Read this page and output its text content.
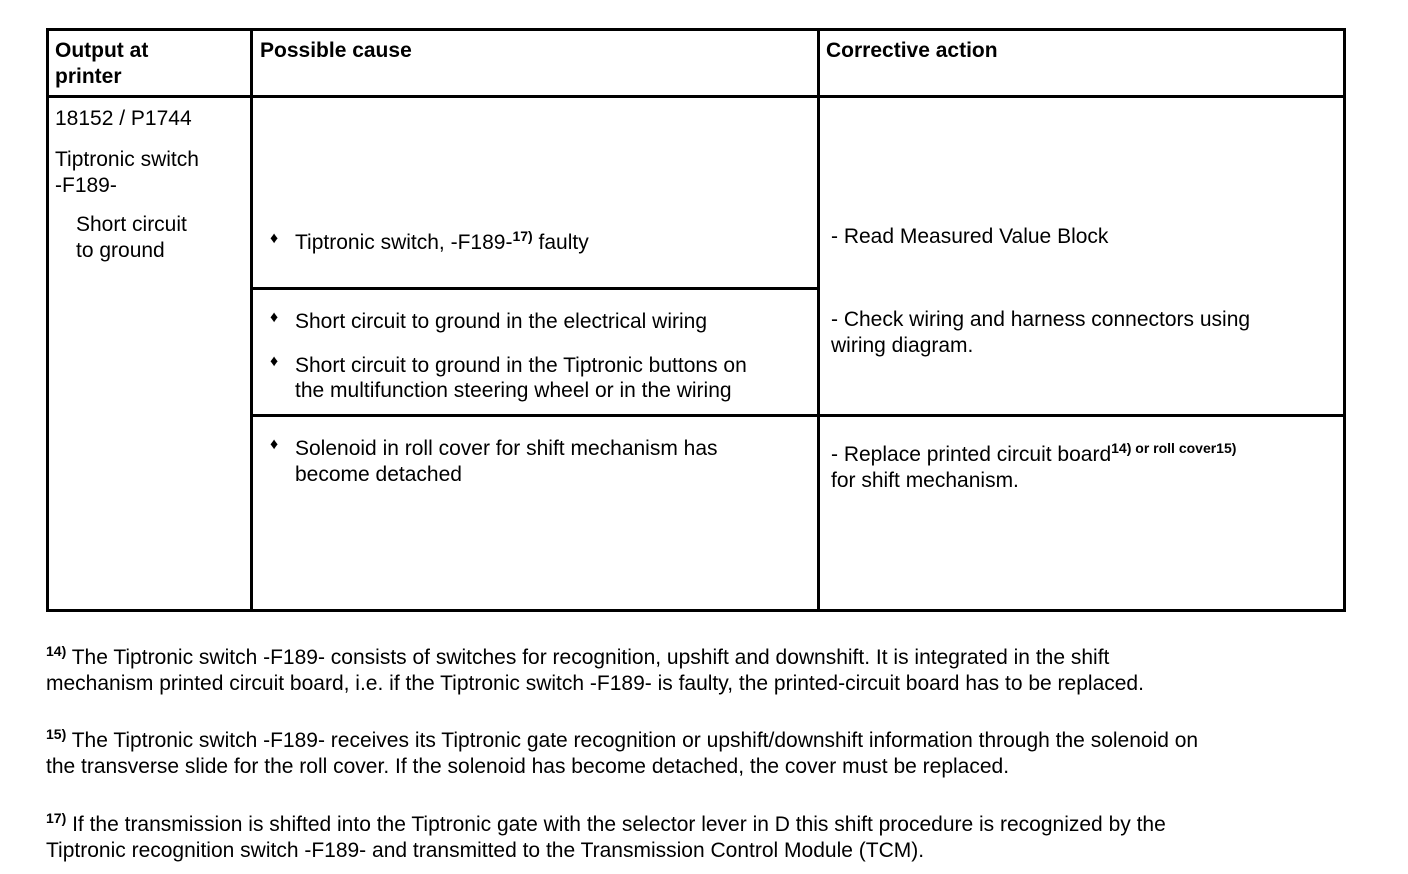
Output at
printer
Possible cause	Corrective action
18152 / P1744
Tiptronic switch
-F189-
Short circuit
to ground
♦ Tiptronic switch, -F189-$^{17)}$ faulty	- Read Measured Value Block
♦ Short circuit to ground in the electrical wiring
♦ Short circuit to ground in the Tiptronic buttons on
the multifunction steering wheel or in the wiring
- Check wiring and harness connectors using
wiring diagram.
♦ Solenoid in roll cover for shift mechanism has
become detached
- Replace printed circuit board$^{14) or roll cover15)}$
for shift mechanism.
$^{14)}$ The Tiptronic switch -F189- consists of switches for recognition, upshift and downshift. It is integrated in the shift
mechanism printed circuit board, i.e. if the Tiptronic switch -F189- is faulty, the printed-circuit board has to be replaced.
$^{15)}$ The Tiptronic switch -F189- receives its Tiptronic gate recognition or upshift/downshift information through the solenoid on
the transverse slide for the roll cover. If the solenoid has become detached, the cover must be replaced.
$^{17)}$ If the transmission is shifted into the Tiptronic gate with the selector lever in D this shift procedure is recognized by the
Tiptronic recognition switch -F189- and transmitted to the Transmission Control Module (TCM).
